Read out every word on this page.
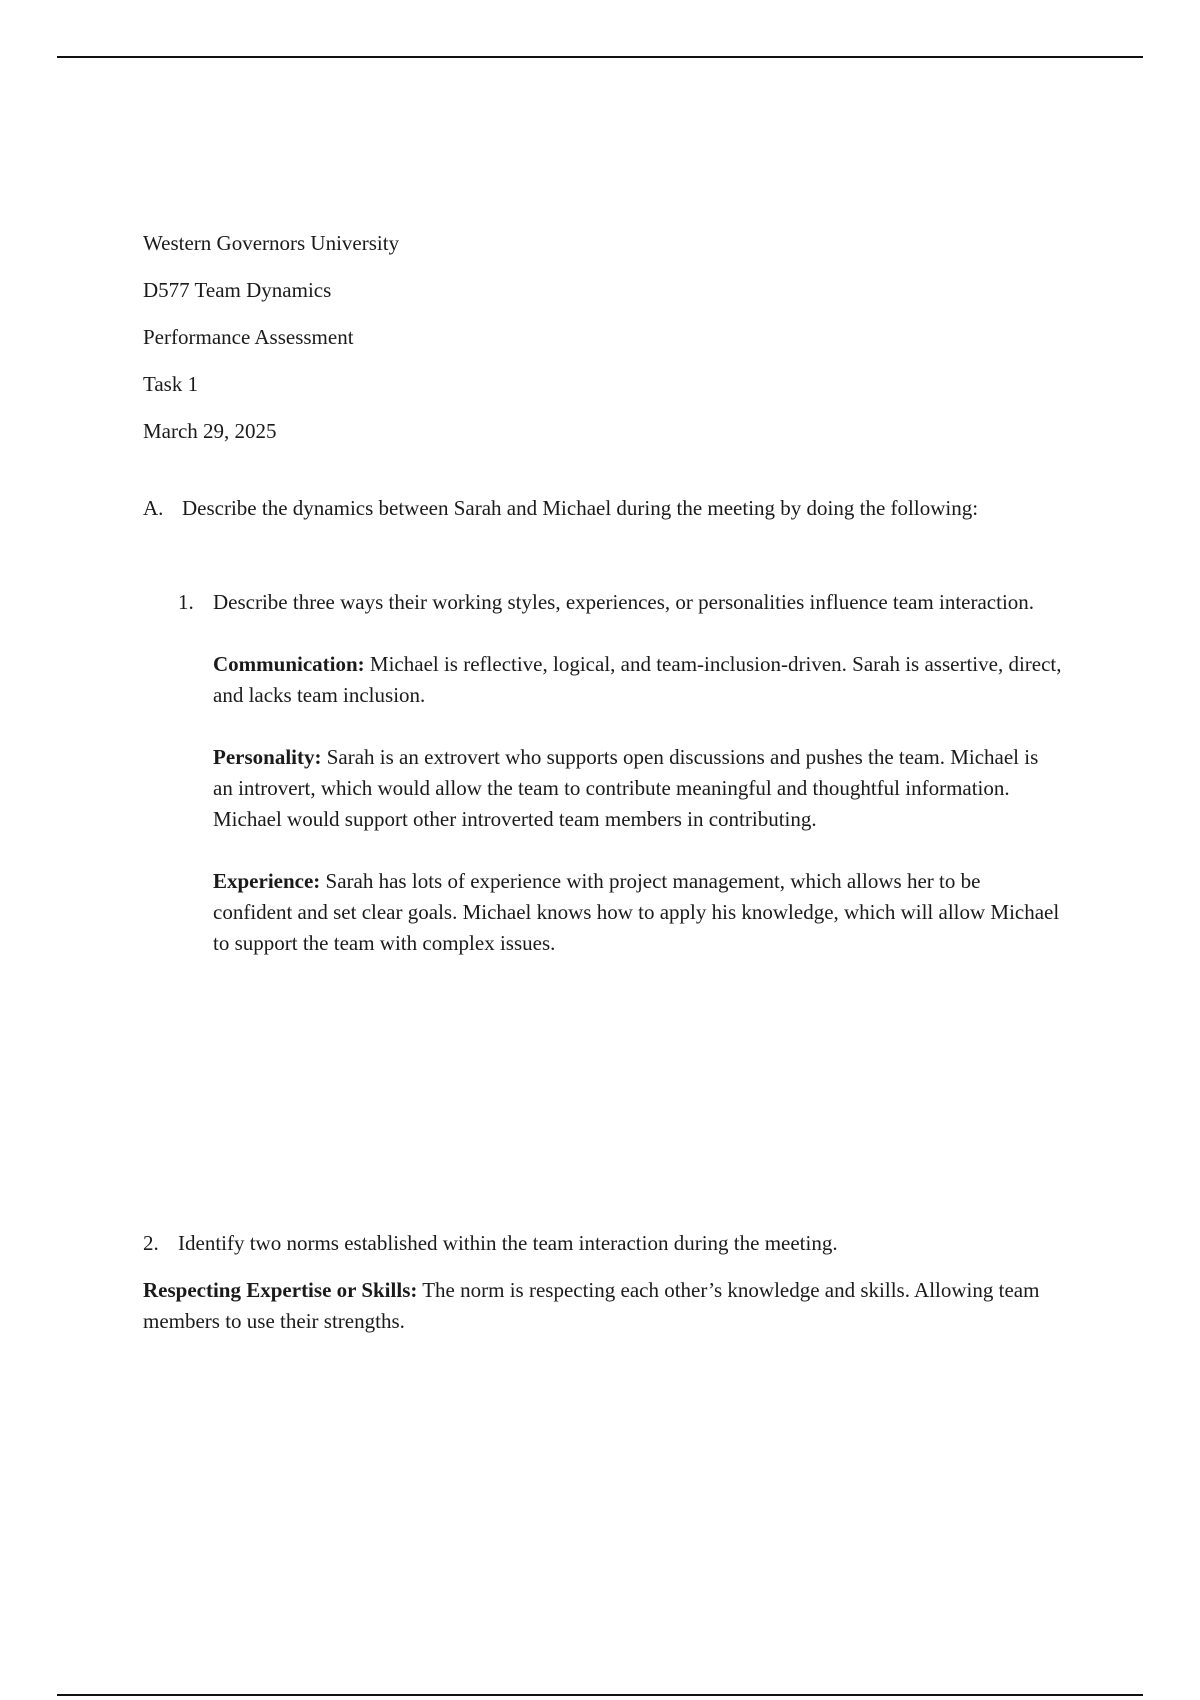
Western Governors University
D577 Team Dynamics
Performance Assessment
Task 1
March 29, 2025
A. Describe the dynamics between Sarah and Michael during the meeting by doing the following:
1. Describe three ways their working styles, experiences, or personalities influence team interaction.

Communication: Michael is reflective, logical, and team-inclusion-driven. Sarah is assertive, direct, and lacks team inclusion.

Personality: Sarah is an extrovert who supports open discussions and pushes the team. Michael is an introvert, which would allow the team to contribute meaningful and thoughtful information. Michael would support other introverted team members in contributing.

Experience: Sarah has lots of experience with project management, which allows her to be confident and set clear goals. Michael knows how to apply his knowledge, which will allow Michael to support the team with complex issues.

2. Identify two norms established within the team interaction during the meeting.

Respecting Expertise or Skills: The norm is respecting each other’s knowledge and skills. Allowing team members to use their strengths.
